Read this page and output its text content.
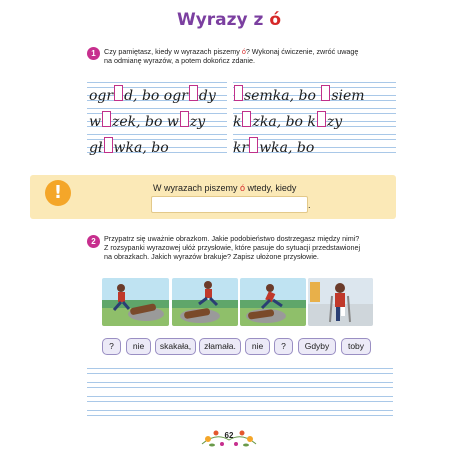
Wyrazy z ó
1	Czy pamiętasz, kiedy w wyrazach piszemy ó? Wykonaj ćwiczenie, zwróć uwagę
na odmianę wyrazów, a potem dokończ zdanie.
ogr d, bo ogr dy
w zek, bo w zy
gł wka, bo
semka, bo siem
k zka, bo k zy
kr wka, bo
!	W wyrazach piszemy ó wtedy, kiedy
.
2	Przypatrz się uważnie obrazkom. Jakie podobieństwo dostrzegasz między nimi?
Z rozsypanki wyrazowej ułóż przysłowie, które pasuje do sytuacji przedstawionej
na obrazkach. Jakich wyrazów brakuje? Zapisz ułożone przysłowie.
?	nie	skakała,	złamała.	nie	?	Gdyby	toby
62
